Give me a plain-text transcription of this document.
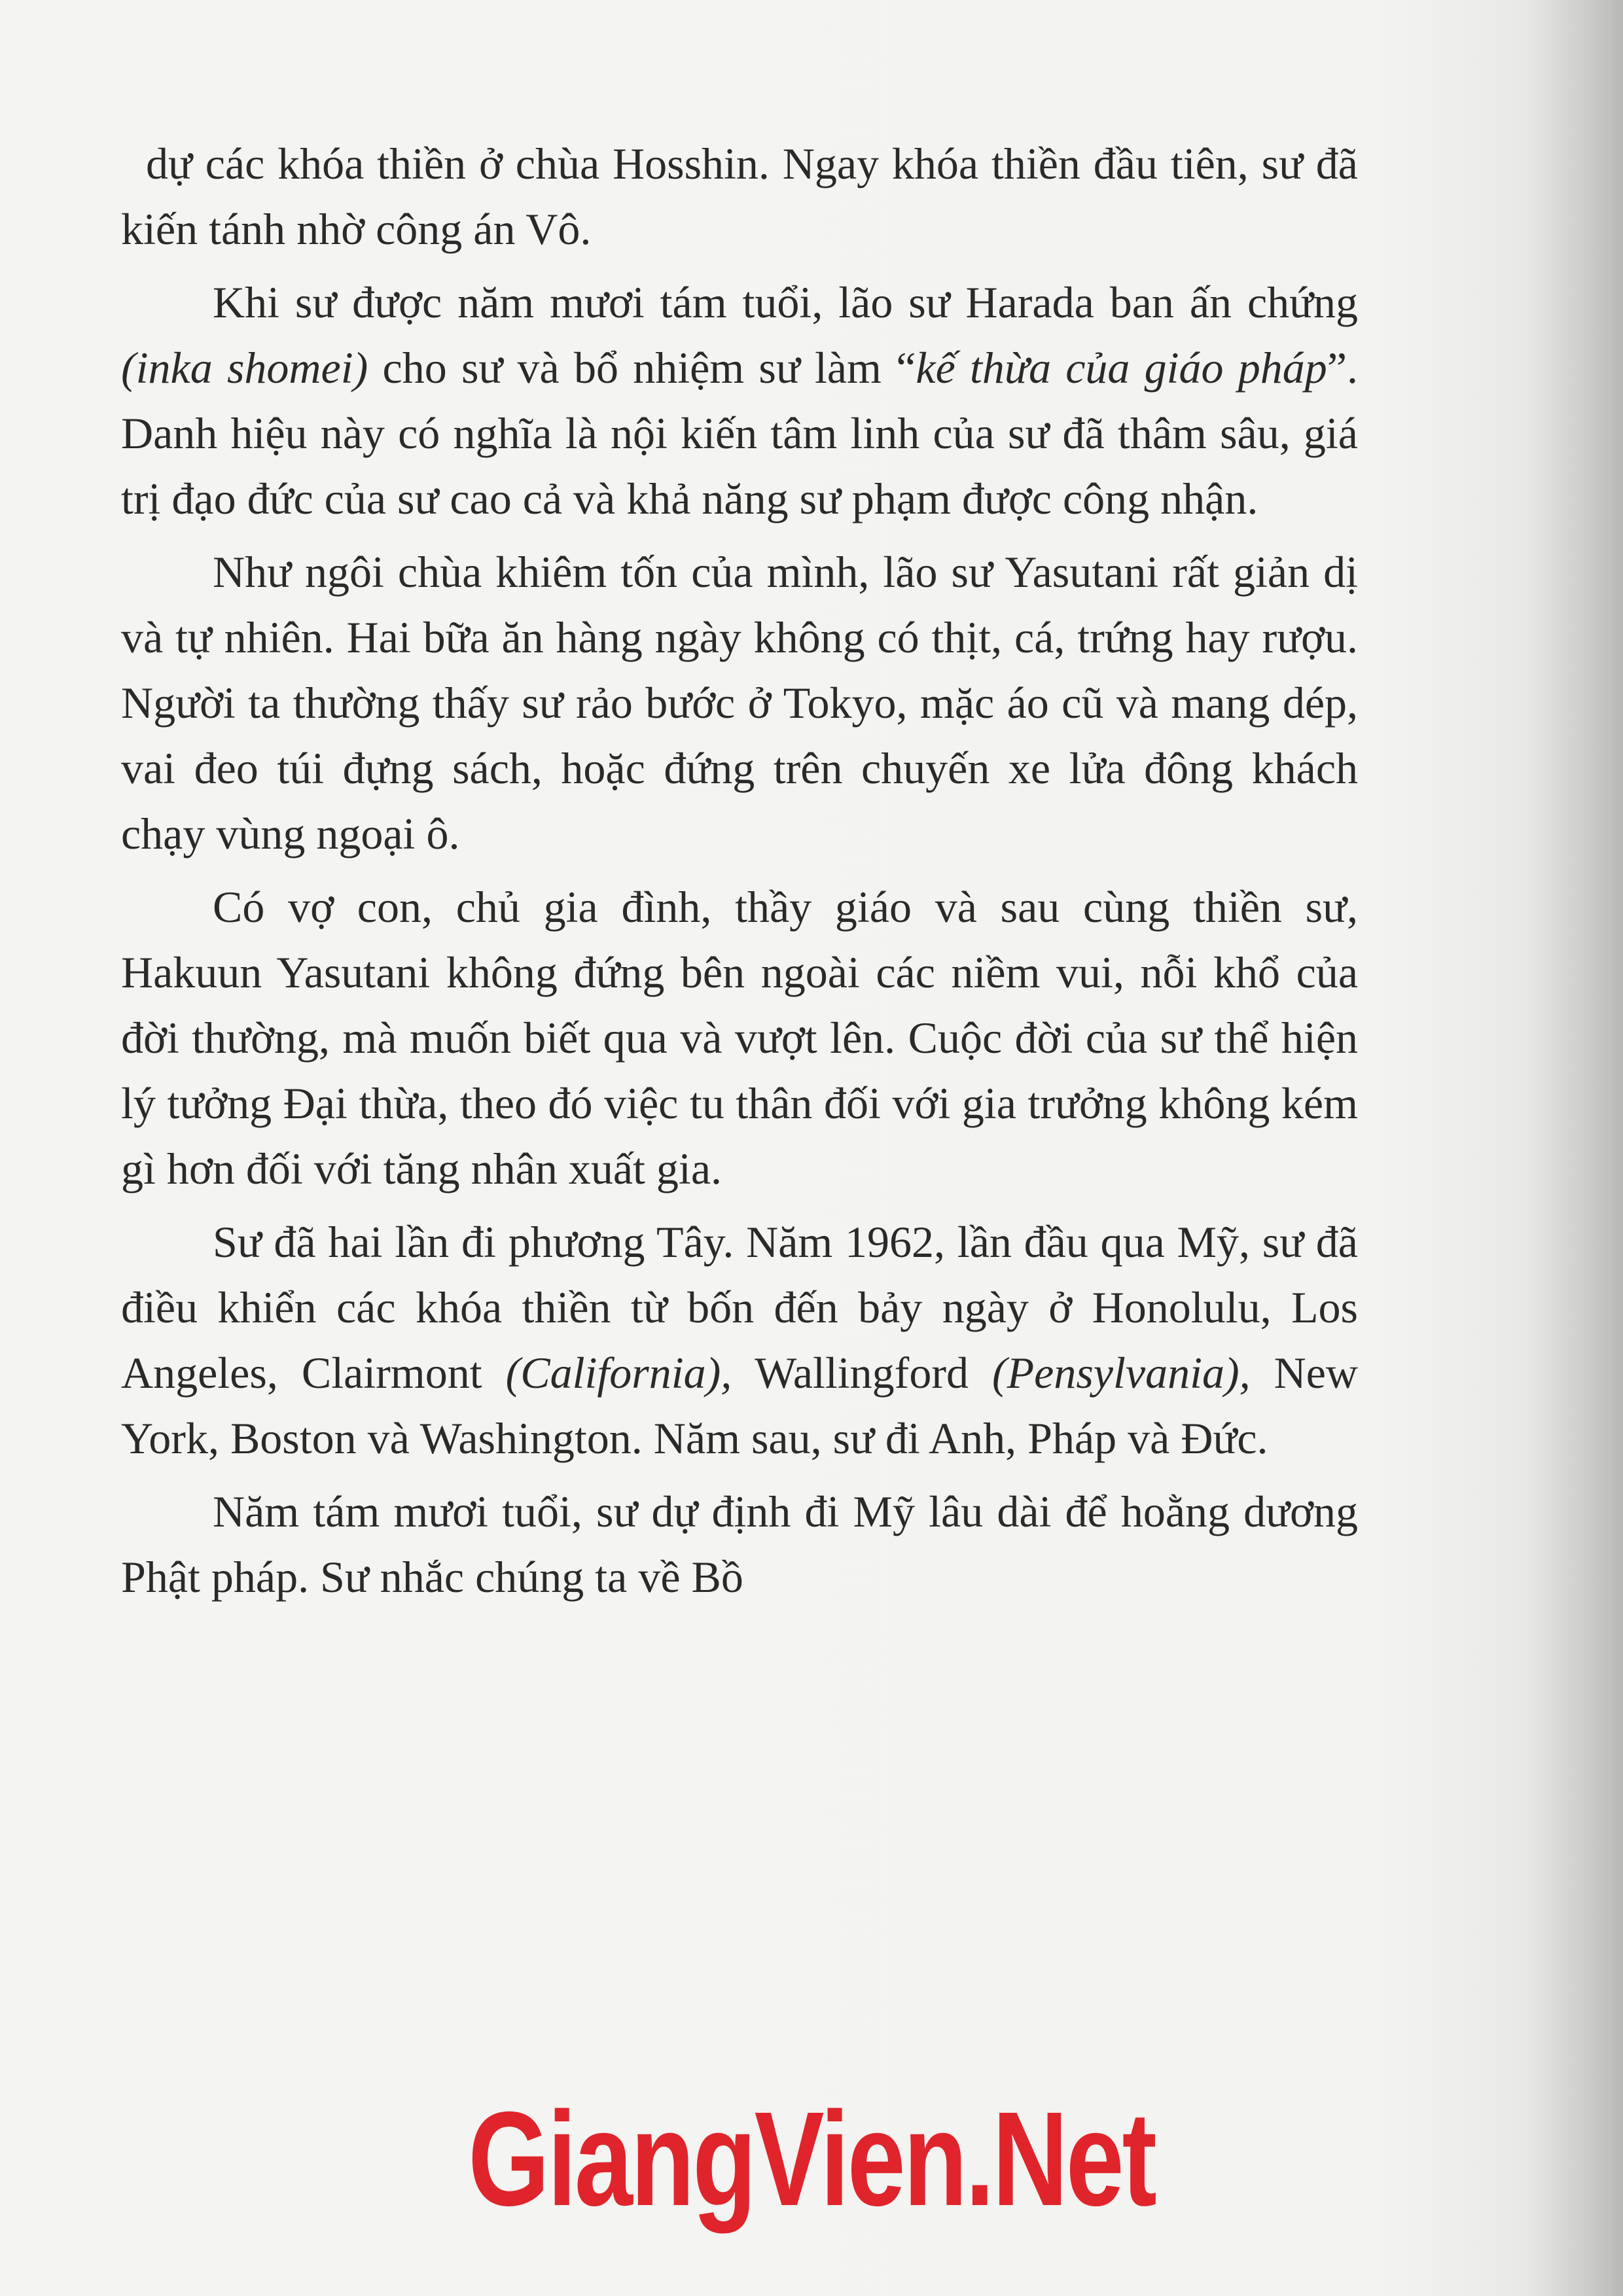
dự các khóa thiền ở chùa Hosshin. Ngay khóa thiền đầu tiên, sư đã kiến tánh nhờ công án Vô.

Khi sư được năm mươi tám tuổi, lão sư Harada ban ấn chứng (inka shomei) cho sư và bổ nhiệm sư làm “kế thừa của giáo pháp”. Danh hiệu này có nghĩa là nội kiến tâm linh của sư đã thâm sâu, giá trị đạo đức của sư cao cả và khả năng sư phạm được công nhận.

Như ngôi chùa khiêm tốn của mình, lão sư Yasutani rất giản dị và tự nhiên. Hai bữa ăn hàng ngày không có thịt, cá, trứng hay rượu. Người ta thường thấy sư rảo bước ở Tokyo, mặc áo cũ và mang dép, vai đeo túi đựng sách, hoặc đứng trên chuyến xe lửa đông khách chạy vùng ngoại ô.

Có vợ con, chủ gia đình, thầy giáo và sau cùng thiền sư, Hakuun Yasutani không đứng bên ngoài các niềm vui, nỗi khổ của đời thường, mà muốn biết qua và vượt lên. Cuộc đời của sư thể hiện lý tưởng Đại thừa, theo đó việc tu thân đối với gia trưởng không kém gì hơn đối với tăng nhân xuất gia.

Sư đã hai lần đi phương Tây. Năm 1962, lần đầu qua Mỹ, sư đã điều khiển các khóa thiền từ bốn đến bảy ngày ở Honolulu, Los Angeles, Clairmont (California), Wallingford (Pensylvania), New York, Boston và Washington. Năm sau, sư đi Anh, Pháp và Đức.

Năm tám mươi tuổi, sư dự định đi Mỹ lâu dài để hoằng dương Phật pháp. Sư nhắc chúng ta về Bồ

GiangVien.Net
